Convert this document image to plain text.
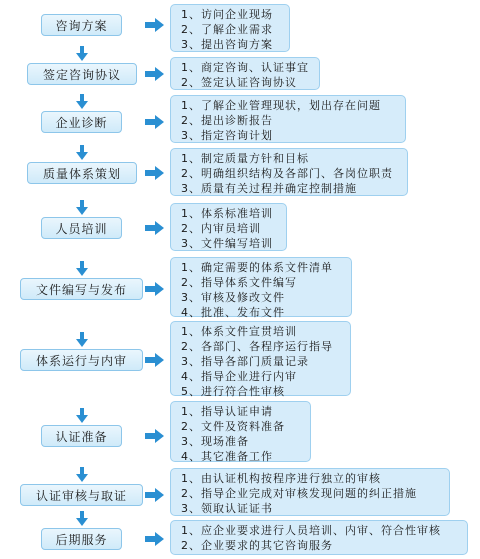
咨询方案
1、访问企业现场
2、了解企业需求
3、提出咨询方案
签定咨询协议	1、商定咨询、认证事宜
2、签定认证咨询协议
企业诊断
1、了解企业管理现状，划出存在问题
2、提出诊断报告
3、指定咨询计划
质量体系策划
1、制定质量方针和目标
2、明确组织结构及各部门、各岗位职责
3、质量有关过程并确定控制措施
人员培训
1、体系标准培训
2、内审员培训
3、文件编写培训
文件编写与发布
1、确定需要的体系文件清单
2、指导体系文件编写
3、审核及修改文件
4、批准、发布文件
体系运行与内审
1、体系文件宣贯培训
2、各部门、各程序运行指导
3、指导各部门质量记录
4、指导企业进行内审
5、进行符合性审核
认证准备
1、指导认证申请
2、文件及资料准备
3、现场准备
4、其它准备工作
认证审核与取证
1、由认证机构按程序进行独立的审核
2、指导企业完成对审核发现问题的纠正措施
3、领取认证证书
后期服务
1、应企业要求进行人员培训、内审、符合性审核
2、企业要求的其它咨询服务
